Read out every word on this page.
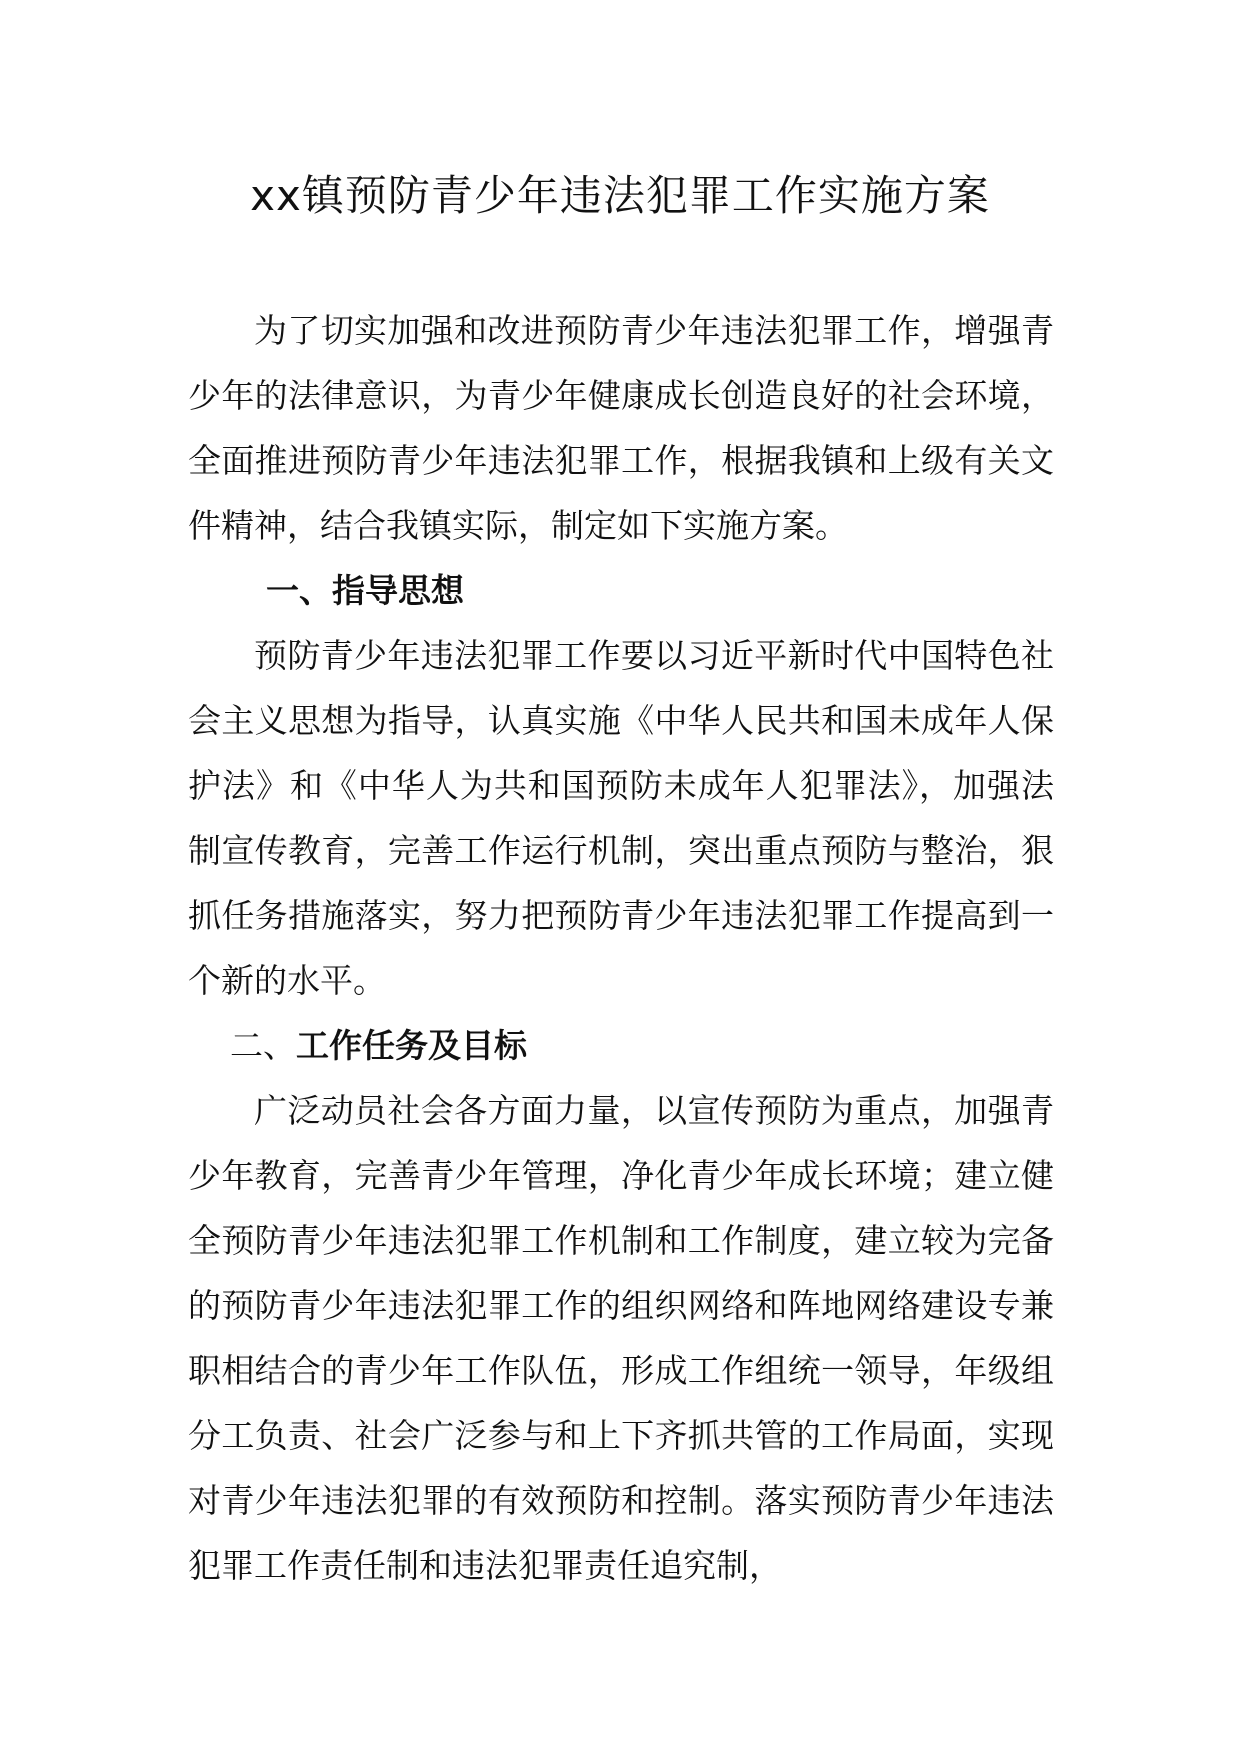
xx镇预防青少年违法犯罪工作实施方案

为了切实加强和改进预防青少年违法犯罪工作，增强青少年的法律意识，为青少年健康成长创造良好的社会环境，全面推进预防青少年违法犯罪工作，根据我镇和上级有关文件精神，结合我镇实际，制定如下实施方案。

一、指导思想

预防青少年违法犯罪工作要以习近平新时代中国特色社会主义思想为指导，认真实施《中华人民共和国未成年人保护法》和《中华人为共和国预防未成年人犯罪法》，加强法制宣传教育，完善工作运行机制，突出重点预防与整治，狠抓任务措施落实，努力把预防青少年违法犯罪工作提高到一个新的水平。

二、工作任务及目标

广泛动员社会各方面力量，以宣传预防为重点，加强青少年教育，完善青少年管理，净化青少年成长环境；建立健全预防青少年违法犯罪工作机制和工作制度，建立较为完备的预防青少年违法犯罪工作的组织网络和阵地网络建设专兼职相结合的青少年工作队伍，形成工作组统一领导，年级组分工负责、社会广泛参与和上下齐抓共管的工作局面，实现对青少年违法犯罪的有效预防和控制。落实预防青少年违法犯罪工作责任制和违法犯罪责任追究制，
